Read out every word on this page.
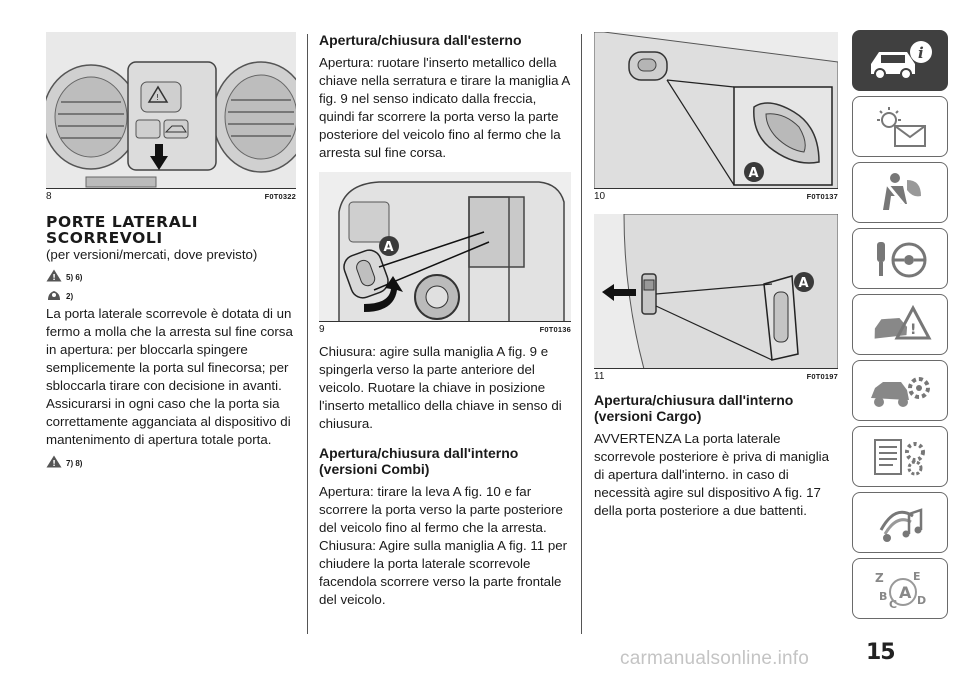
!
8	F0T0322
PORTE LATERALI
SCORREVOLI
(per versioni/mercati, dove previsto)
! 5) 6)
2)

La porta laterale scorrevole è dotata di un fermo a molla che la arresta sul fine corsa in apertura: per bloccarla spingere semplicemente la porta sul finecorsa; per sbloccarla tirare con decisione in avanti.

Assicurarsi in ogni caso che la porta sia correttamente agganciata al dispositivo di mantenimento di apertura totale porta.

! 7) 8)
Apertura/chiusura dall'esterno

Apertura: ruotare l'inserto metallico della chiave nella serratura e tirare la maniglia A fig. 9 nel senso indicato dalla freccia, quindi far scorrere la porta verso la parte posteriore del veicolo fino al fermo che la arresta sul fine corsa.

A
9	F0T0136

Chiusura: agire sulla maniglia A fig. 9 e spingerla verso la parte anteriore del veicolo. Ruotare la chiave in posizione l'inserto metallico della chiave in senso di chiusura.

Apertura/chiusura dall'interno
(versioni Combi)

Apertura: tirare la leva A fig. 10 e far scorrere la porta verso la parte posteriore del veicolo fino al fermo che la arresta.

Chiusura: Agire sulla maniglia A fig. 11 per chiudere la porta laterale scorrevole facendola scorrere verso la parte frontale del veicolo.

A
10	F0T0137
A
11	F0T0197
Apertura/chiusura dall'interno
(versioni Cargo)

AVVERTENZA La porta laterale scorrevole posteriore è priva di maniglia di apertura dall'interno. in caso di necessità agire sul dispositivo A fig. 17 della porta posteriore a due battenti.

i
!
Z	E
B A
C D
15
carmanualsonline.info
